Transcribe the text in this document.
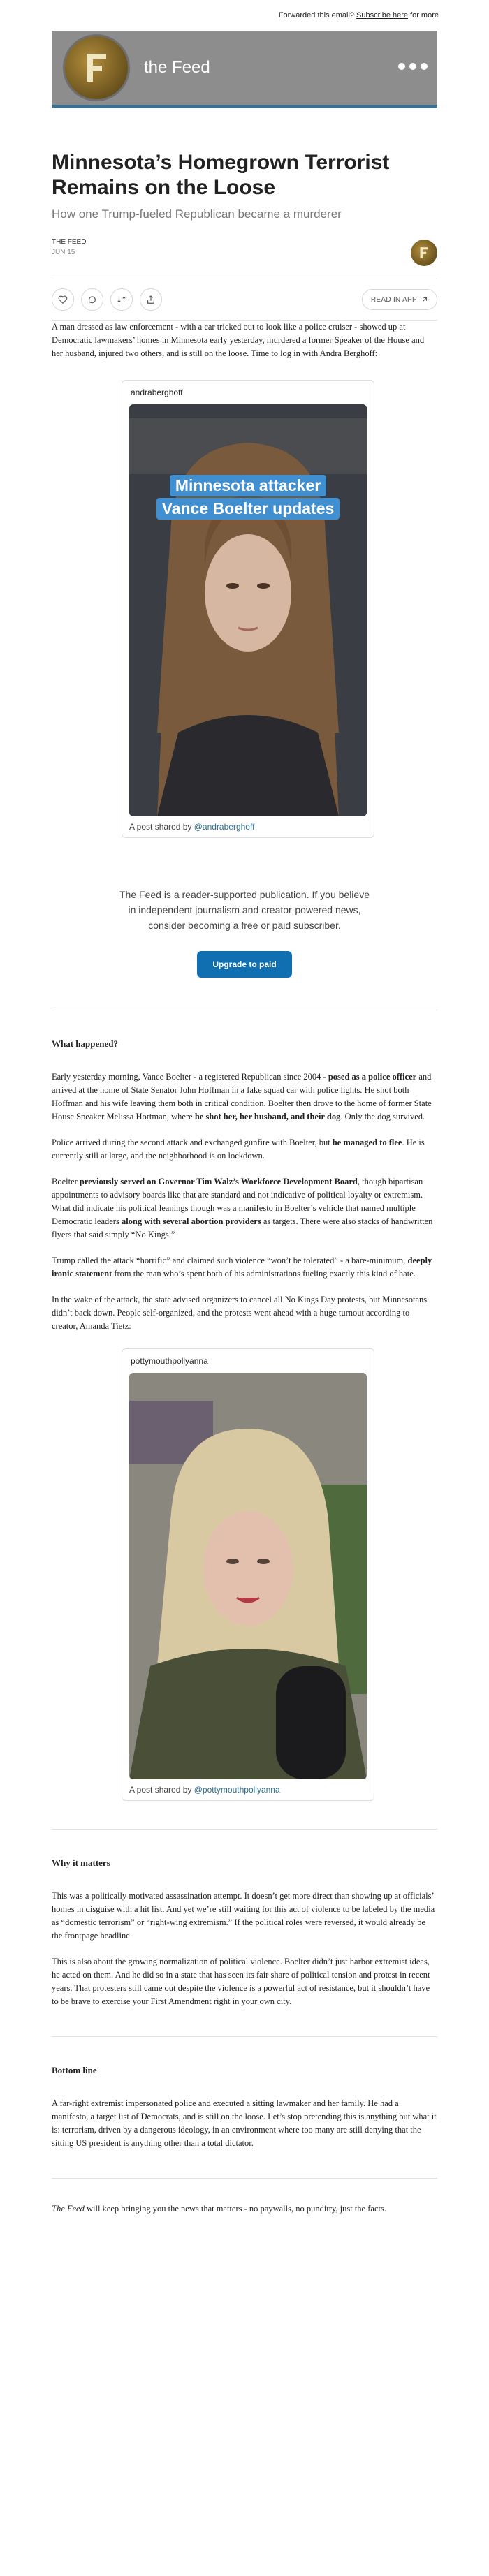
Forwarded this email? Subscribe here for more
the Feed
Minnesota’s Homegrown Terrorist Remains on the Loose
How one Trump-fueled Republican became a murderer
THE FEED
JUN 15
READ IN APP

A man dressed as law enforcement - with a car tricked out to look like a police cruiser - showed up at Democratic lawmakers’ homes in Minnesota early yesterday, murdered a former Speaker of the House and her husband, injured two others, and is still on the loose. Time to log in with Andra Berghoff:

andraberghoff
Minnesota attacker
Vance Boelter updates
A post shared by @andraberghoff

The Feed is a reader-supported publication. If you believe in independent journalism and creator-powered news, consider becoming a free or paid subscriber.

Upgrade to paid
What happened?

Early yesterday morning, Vance Boelter - a registered Republican since 2004 - posed as a police officer and arrived at the home of State Senator John Hoffman in a fake squad car with police lights. He shot both Hoffman and his wife leaving them both in critical condition. Boelter then drove to the home of former State House Speaker Melissa Hortman, where he shot her, her husband, and their dog. Only the dog survived.

Police arrived during the second attack and exchanged gunfire with Boelter, but he managed to flee. He is currently still at large, and the neighborhood is on lockdown.

Boelter previously served on Governor Tim Walz’s Workforce Development Board, though bipartisan appointments to advisory boards like that are standard and not indicative of political loyalty or extremism. What did indicate his political leanings though was a manifesto in Boelter’s vehicle that named multiple Democratic leaders along with several abortion providers as targets. There were also stacks of handwritten flyers that said simply “No Kings.”

Trump called the attack “horrific” and claimed such violence “won’t be tolerated” - a bare-minimum, deeply ironic statement from the man who’s spent both of his administrations fueling exactly this kind of hate.

In the wake of the attack, the state advised organizers to cancel all No Kings Day protests, but Minnesotans didn’t back down. People self-organized, and the protests went ahead with a huge turnout according to creator, Amanda Tietz:

pottymouthpollyanna
A post shared by @pottymouthpollyanna
Why it matters

This was a politically motivated assassination attempt. It doesn’t get more direct than showing up at officials’ homes in disguise with a hit list. And yet we’re still waiting for this act of violence to be labeled by the media as “domestic terrorism” or “right-wing extremism.” If the political roles were reversed, it would already be the frontpage headline

This is also about the growing normalization of political violence. Boelter didn’t just harbor extremist ideas, he acted on them. And he did so in a state that has seen its fair share of political tension and protest in recent years. That protesters still came out despite the violence is a powerful act of resistance, but it shouldn’t have to be brave to exercise your First Amendment right in your own city.

Bottom line

A far-right extremist impersonated police and executed a sitting lawmaker and her family. He had a manifesto, a target list of Democrats, and is still on the loose. Let’s stop pretending this is anything but what it is: terrorism, driven by a dangerous ideology, in an environment where too many are still denying that the sitting US president is anything other than a total dictator.

The Feed will keep bringing you the news that matters - no paywalls, no punditry, just the facts.
